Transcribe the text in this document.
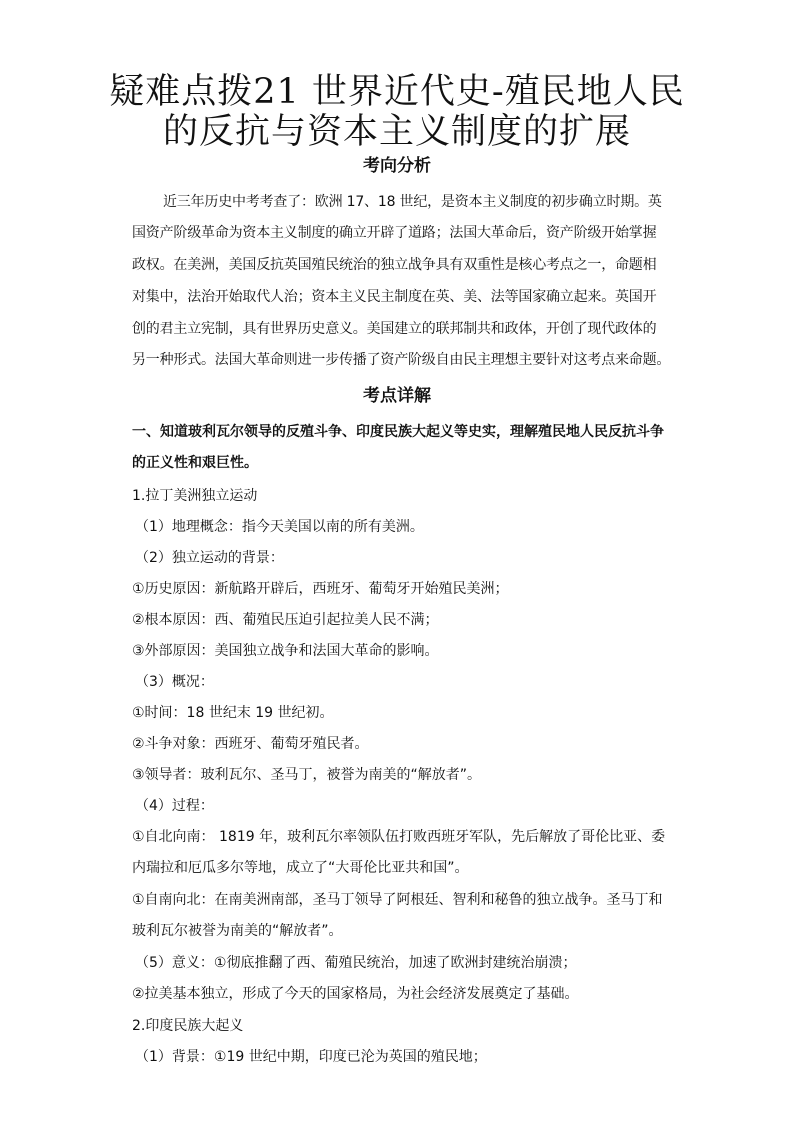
疑难点拨21 世界近代史-殖民地人民
的反抗与资本主义制度的扩展
考向分析
近三年历史中考考查了：欧洲 17、18 世纪，是资本主义制度的初步确立时期。英
国资产阶级革命为资本主义制度的确立开辟了道路；法国大革命后，资产阶级开始掌握
政权。在美洲，美国反抗英国殖民统治的独立战争具有双重性是核心考点之一，命题相
对集中，法治开始取代人治；资本主义民主制度在英、美、法等国家确立起来。英国开
创的君主立宪制，具有世界历史意义。美国建立的联邦制共和政体，开创了现代政体的
另一种形式。法国大革命则进一步传播了资产阶级自由民主理想主要针对这考点来命题。
考点详解
一、知道玻利瓦尔领导的反殖斗争、印度民族大起义等史实，理解殖民地人民反抗斗争
的正义性和艰巨性。
1.拉丁美洲独立运动
（1）地理概念：指今天美国以南的所有美洲。
（2）独立运动的背景：
①历史原因：新航路开辟后，西班牙、葡萄牙开始殖民美洲；
②根本原因：西、葡殖民压迫引起拉美人民不满；
③外部原因：美国独立战争和法国大革命的影响。
（3）概况：
①时间：18 世纪末 19 世纪初。
②斗争对象：西班牙、葡萄牙殖民者。
③领导者：玻利瓦尔、圣马丁，被誉为南美的“解放者”。
（4）过程：
①自北向南： 1819 年，玻利瓦尔率领队伍打败西班牙军队，先后解放了哥伦比亚、委
内瑞拉和厄瓜多尔等地，成立了“大哥伦比亚共和国”。
①自南向北：在南美洲南部，圣马丁领导了阿根廷、智利和秘鲁的独立战争。圣马丁和
玻利瓦尔被誉为南美的“解放者”。
（5）意义：①彻底推翻了西、葡殖民统治，加速了欧洲封建统治崩溃；
②拉美基本独立，形成了今天的国家格局，为社会经济发展奠定了基础。
2.印度民族大起义
（1）背景：①19 世纪中期，印度已沦为英国的殖民地；
